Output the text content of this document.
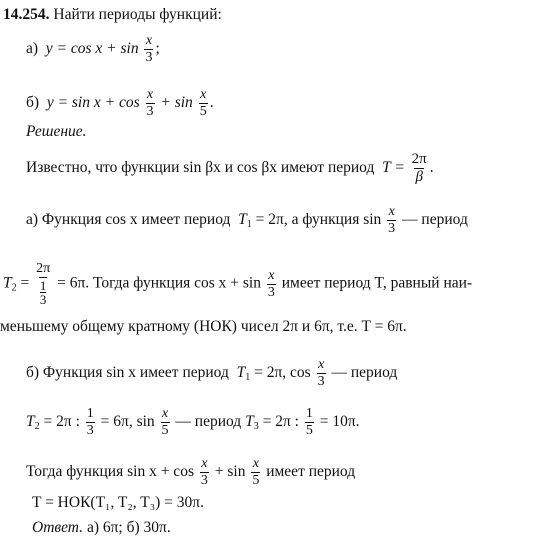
14.254. Найти периоды функций:
а) $y = \cos x + \sin \frac{x}{3}$ ;
б) $y = \sin x + \cos \frac{x}{3} + \sin \frac{x}{5}$ .
Решение.
Известно, что функции sin βx и cos βx имеют период $T = \frac{2\pi}{\beta}$ .
а) Функция cos x имеет период $T_1 = 2\pi$, а функция $\sin \frac{x}{3}$ — период
$T_2 = \frac{2\pi}{\frac{1}{3}} = 6\pi$. Тогда функция $\cos x + \sin \frac{x}{3}$ имеет период T, равный наи-
меньшему общему кратному (НОК) чисел 2π и 6π, т.е. T = 6π.
б) Функция sin x имеет период $T_1 = 2\pi$, $\cos \frac{x}{3}$ — период
$T_2 = 2\pi$ : $\frac{1}{3} = 6\pi$, $\sin \frac{x}{5}$ — период $T_3 = 2\pi$ : $\frac{1}{5} = 10\pi$.
Тогда функция $\sin x + \cos \frac{x}{3} + \sin \frac{x}{5}$ имеет период
T = НОК(T₁, T₂, T₃) = 30π.
Ответ. а) 6π; б) 30π.
